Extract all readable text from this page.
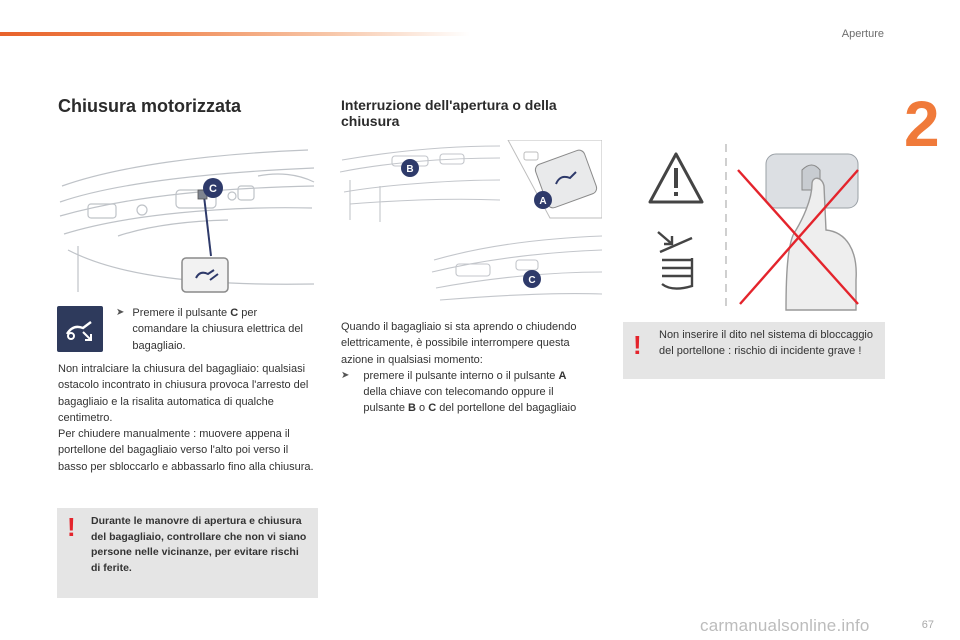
Aperture
2
Chiusura motorizzata
C
➤ Premere il pulsante C per comandare la chiusura elettrica del bagagliaio.
Non intralciare la chiusura del bagagliaio: qualsiasi ostacolo incontrato in chiusura provoca l'arresto del bagagliaio e la risalita automatica di qualche centimetro.
Per chiudere manualmente : muovere appena il portellone del bagagliaio verso l'alto poi verso il basso per sbloccarlo e abbassarlo fino alla chiusura.
! Durante le manovre di apertura e chiusura del bagagliaio, controllare che non vi siano persone nelle vicinanze, per evitare rischi di ferite.
Interruzione dell'apertura o della chiusura
B
A
C
Quando il bagagliaio si sta aprendo o chiudendo elettricamente, è possibile interrompere questa azione in qualsiasi momento:
➤	premere il pulsante interno o il pulsante A della chiave con telecomando oppure il pulsante B o C del portellone del bagagliaio
! Non inserire il dito nel sistema di bloccaggio del portellone : rischio di incidente grave !
carmanualsonline.info	67
